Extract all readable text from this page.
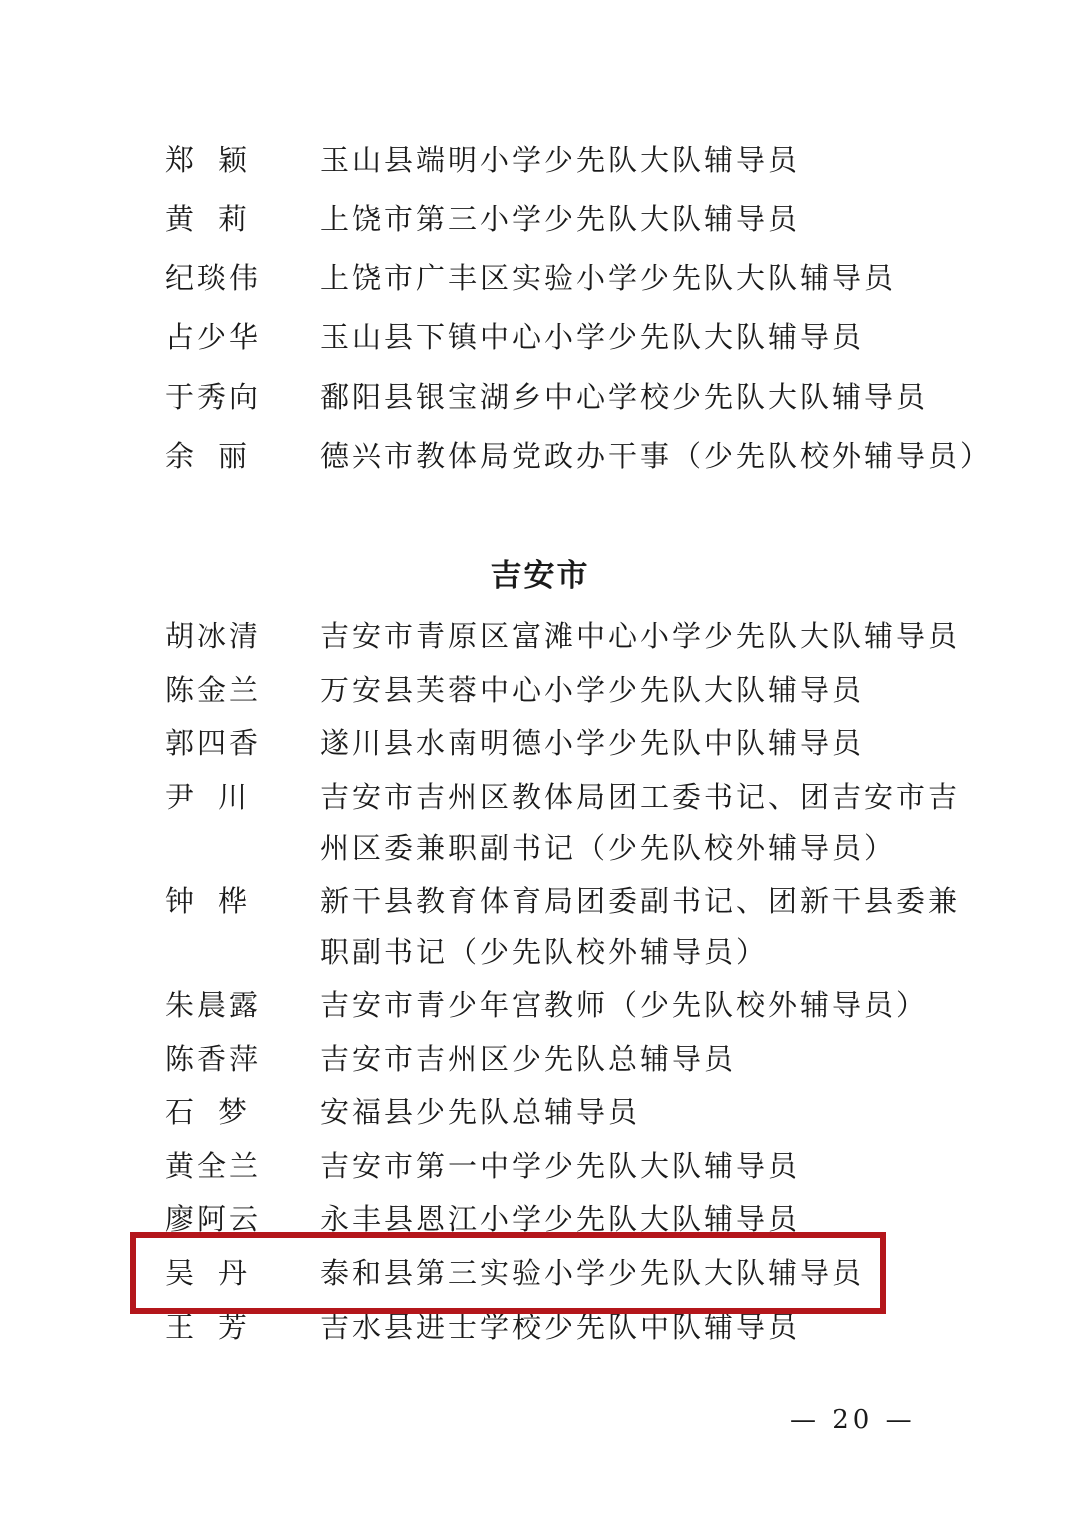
郑 颖	玉山县端明小学少先队大队辅导员
黄 莉	上饶市第三小学少先队大队辅导员
纪琰伟 上饶市广丰区实验小学少先队大队辅导员
占少华 玉山县下镇中心小学少先队大队辅导员
于秀向 鄱阳县银宝湖乡中心学校少先队大队辅导员
余 丽	德兴市教体局党政办干事（少先队校外辅导员）
吉安市
胡冰清 吉安市青原区富滩中心小学少先队大队辅导员
陈金兰 万安县芙蓉中心小学少先队大队辅导员
郭四香 遂川县水南明德小学少先队中队辅导员
尹 川	吉安市吉州区教体局团工委书记、团吉安市吉州区委兼职副书记（少先队校外辅导员）
钟 桦	新干县教育体育局团委副书记、团新干县委兼职副书记（少先队校外辅导员）
朱晨露 吉安市青少年宫教师（少先队校外辅导员）
陈香萍 吉安市吉州区少先队总辅导员
石 梦	安福县少先队总辅导员
黄全兰 吉安市第一中学少先队大队辅导员
廖阿云 永丰县恩江小学少先队大队辅导员
吴 丹	泰和县第三实验小学少先队大队辅导员
王 芳	吉水县进士学校少先队中队辅导员
— 20 —
